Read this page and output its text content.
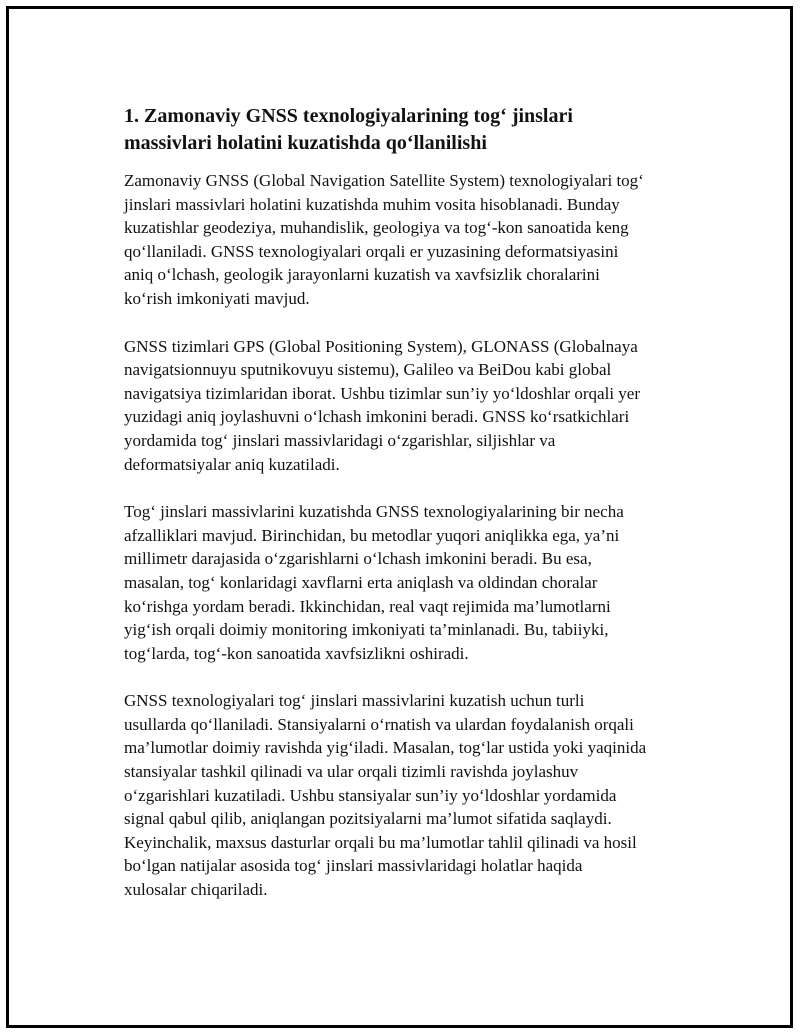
1. Zamonaviy GNSS texnologiyalarining tog‘ jinslari massivlari holatini kuzatishda qo‘llanilishi

Zamonaviy GNSS (Global Navigation Satellite System) texnologiyalari tog‘
jinslari massivlari holatini kuzatishda muhim vosita hisoblanadi. Bunday
kuzatishlar geodeziya, muhandislik, geologiya va tog‘-kon sanoatida keng
qo‘llaniladi. GNSS texnologiyalari orqali er yuzasining deformatsiyasini
aniq o‘lchash, geologik jarayonlarni kuzatish va xavfsizlik choralarini
ko‘rish imkoniyati mavjud.

GNSS tizimlari GPS (Global Positioning System), GLONASS (Globalnaya
navigatsionnuyu sputnikovuyu sistemu), Galileo va BeiDou kabi global
navigatsiya tizimlaridan iborat. Ushbu tizimlar sun’iy yo‘ldoshlar orqali yer
yuzidagi aniq joylashuvni o‘lchash imkonini beradi. GNSS ko‘rsatkichlari
yordamida tog‘ jinslari massivlaridagi o‘zgarishlar, siljishlar va
deformatsiyalar aniq kuzatiladi.

Tog‘ jinslari massivlarini kuzatishda GNSS texnologiyalarining bir necha
afzalliklari mavjud. Birinchidan, bu metodlar yuqori aniqlikka ega, ya’ni
millimetr darajasida o‘zgarishlarni o‘lchash imkonini beradi. Bu esa,
masalan, tog‘ konlaridagi xavflarni erta aniqlash va oldindan choralar
ko‘rishga yordam beradi. Ikkinchidan, real vaqt rejimida ma’lumotlarni
yig‘ish orqali doimiy monitoring imkoniyati ta’minlanadi. Bu, tabiiyki,
tog‘larda, tog‘-kon sanoatida xavfsizlikni oshiradi.

GNSS texnologiyalari tog‘ jinslari massivlarini kuzatish uchun turli
usullarda qo‘llaniladi. Stansiyalarni o‘rnatish va ulardan foydalanish orqali
ma’lumotlar doimiy ravishda yig‘iladi. Masalan, tog‘lar ustida yoki yaqinida
stansiyalar tashkil qilinadi va ular orqali tizimli ravishda joylashuv
o‘zgarishlari kuzatiladi. Ushbu stansiyalar sun’iy yo‘ldoshlar yordamida
signal qabul qilib, aniqlangan pozitsiyalarni ma’lumot sifatida saqlaydi.
Keyinchalik, maxsus dasturlar orqali bu ma’lumotlar tahlil qilinadi va hosil
bo‘lgan natijalar asosida tog‘ jinslari massivlaridagi holatlar haqida
xulosalar chiqariladi.
